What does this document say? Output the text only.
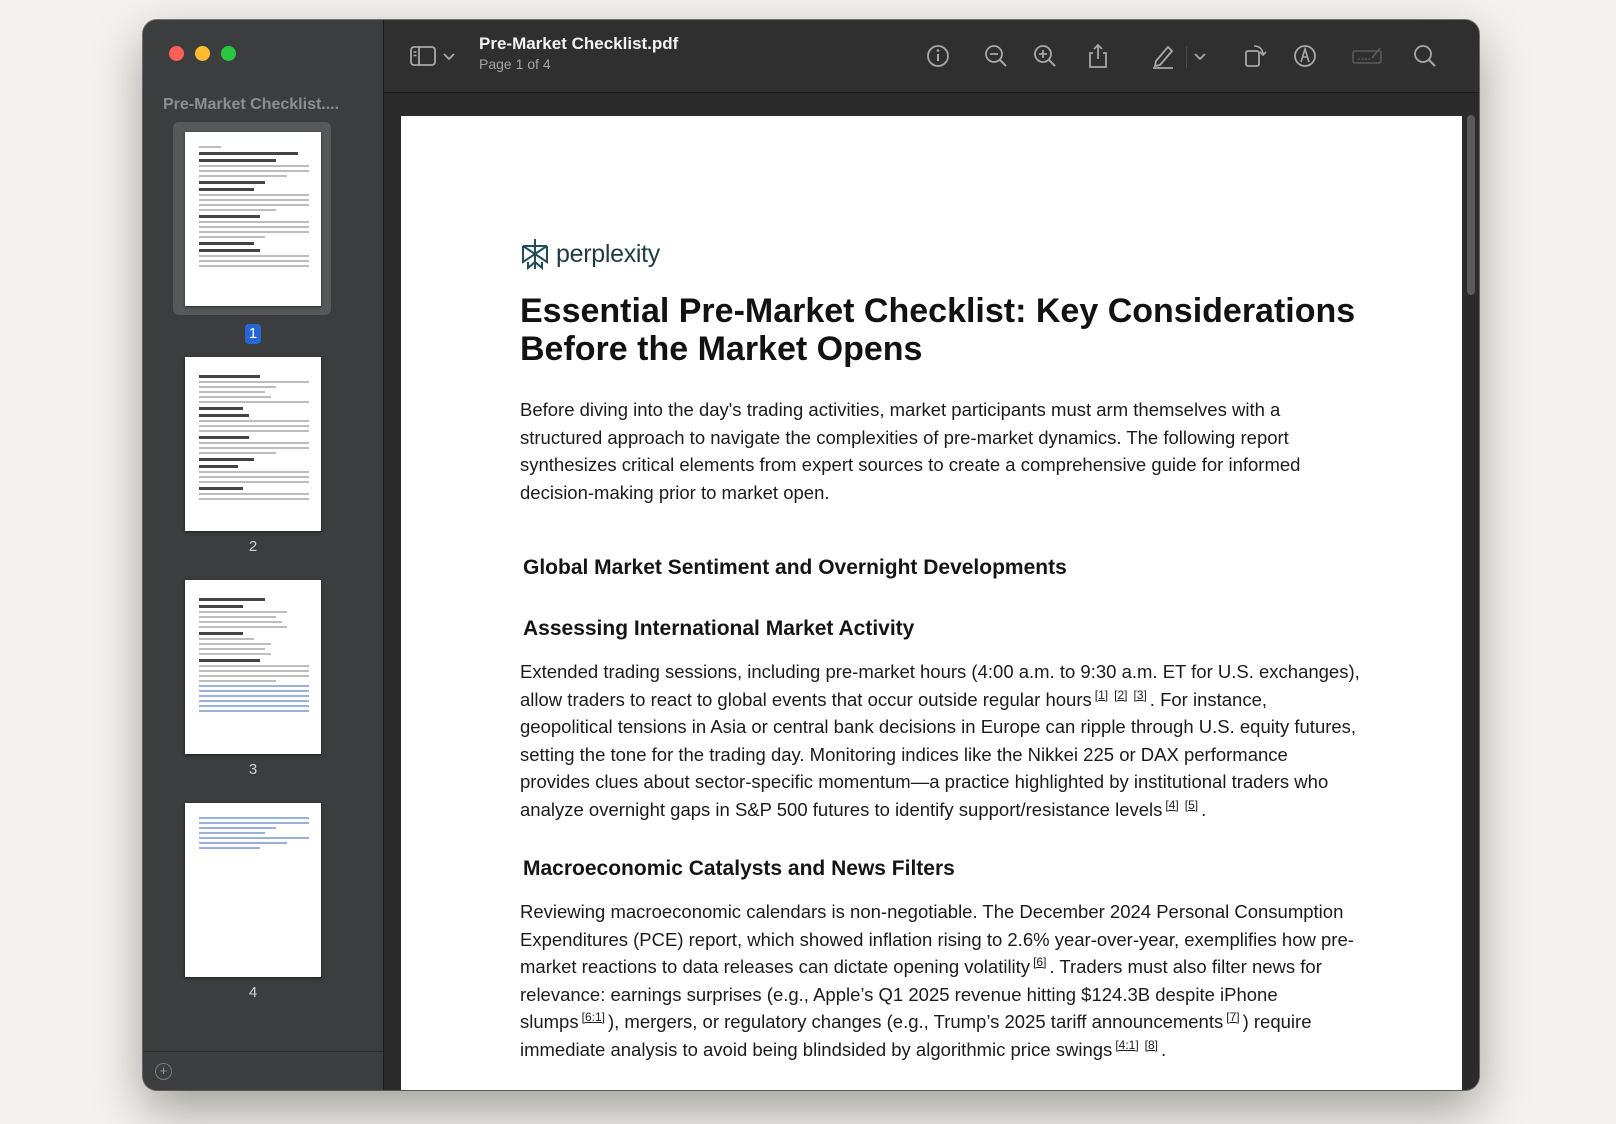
Pre-Market Checklist....
1
2
3
4
+
Pre-Market Checklist.pdf
Page 1 of 4
perplexity
Essential Pre-Market Checklist: Key Considerations Before the Market Opens

Before diving into the day's trading activities, market participants must arm themselves with a structured approach to navigate the complexities of pre-market dynamics. The following report synthesizes critical elements from expert sources to create a comprehensive guide for informed decision-making prior to market open.

Global Market Sentiment and Overnight Developments
Assessing International Market Activity

Extended trading sessions, including pre-market hours (4:00 a.m. to 9:30 a.m. ET for U.S. exchanges), allow traders to react to global events that occur outside regular hours [1] [2] [3] . For instance, geopolitical tensions in Asia or central bank decisions in Europe can ripple through U.S. equity futures, setting the tone for the trading day. Monitoring indices like the Nikkei 225 or DAX performance provides clues about sector-specific momentum—a practice highlighted by institutional traders who analyze overnight gaps in S&P 500 futures to identify support/resistance levels [4] [5] .

Macroeconomic Catalysts and News Filters

Reviewing macroeconomic calendars is non-negotiable. The December 2024 Personal Consumption Expenditures (PCE) report, which showed inflation rising to 2.6% year-over-year, exemplifies how pre-market reactions to data releases can dictate opening volatility [6] . Traders must also filter news for relevance: earnings surprises (e.g., Apple’s Q1 2025 revenue hitting $124.3B despite iPhone slumps [6:1] ), mergers, or regulatory changes (e.g., Trump’s 2025 tariff announcements [7] ) require immediate analysis to avoid being blindsided by algorithmic price swings [4:1] [8] .
